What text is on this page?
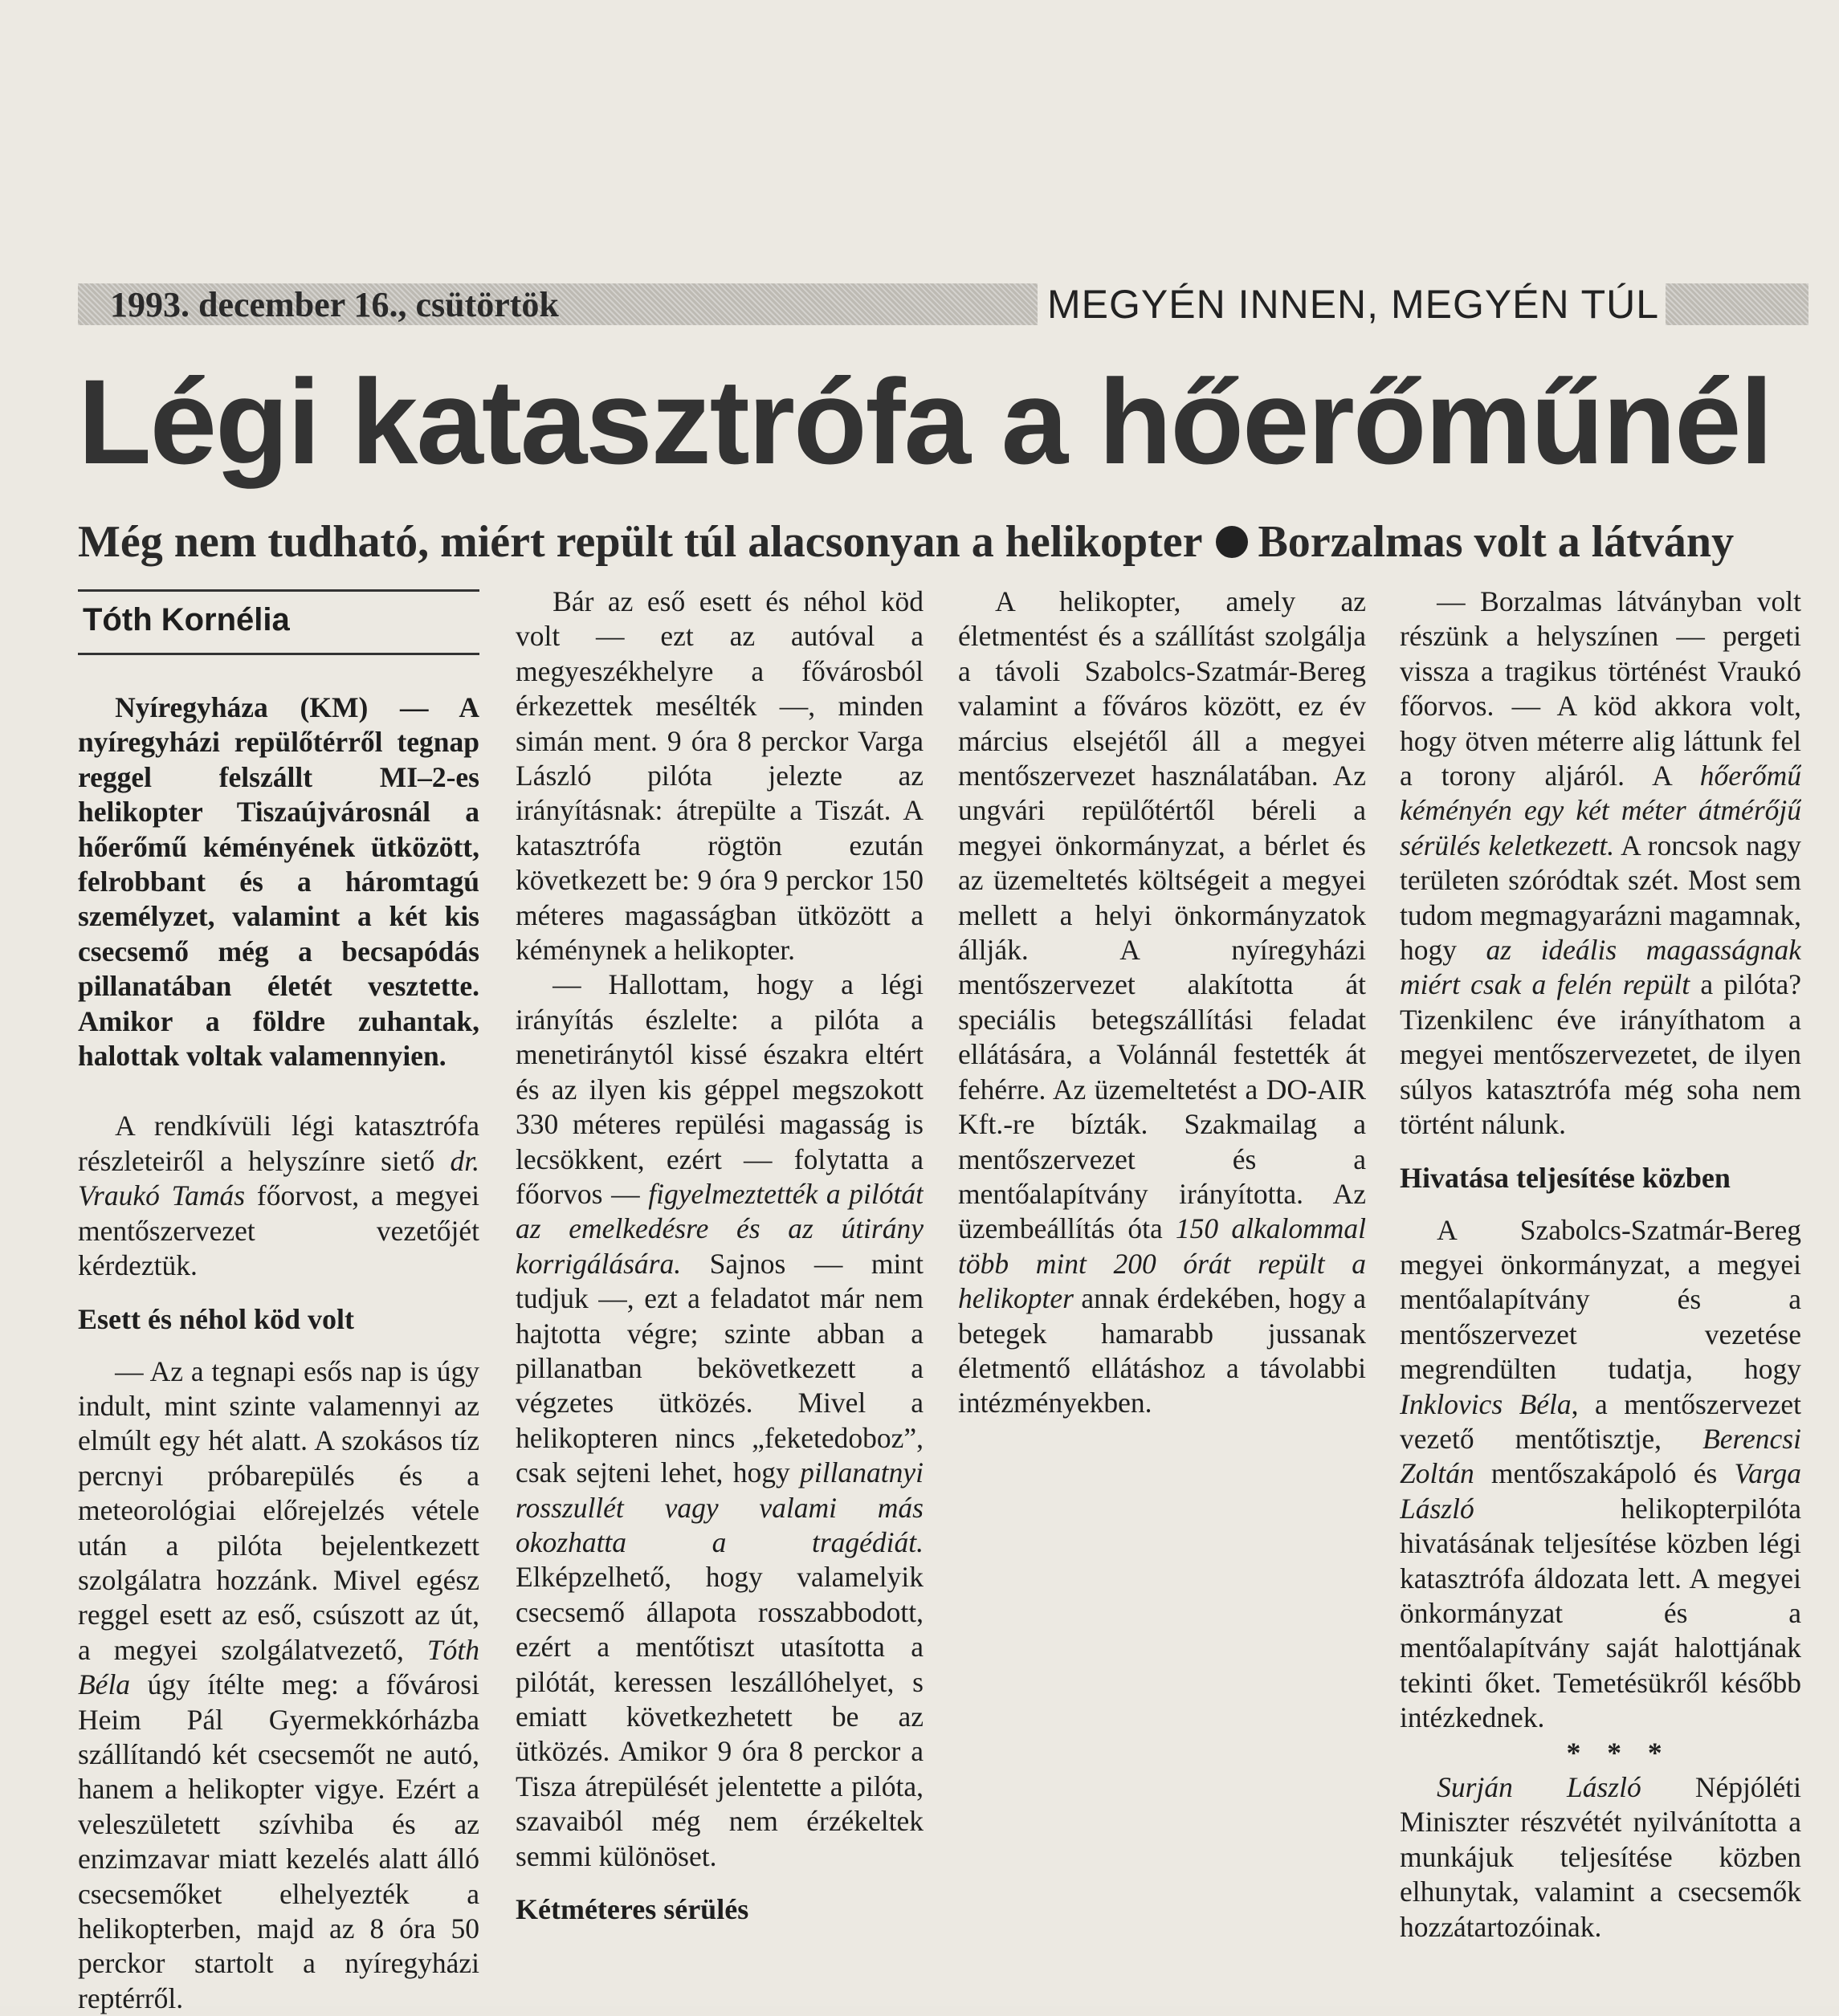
1993. december 16., csütörtök	MEGYÉN INNEN, MEGYÉN TÚL
Légi katasztrófa a hőerőműnél
Még nem tudható, miért repült túl alacsonyan a helikopter Borzalmas volt a látvány
Tóth Kornélia

Nyíregyháza (KM) — A nyíregyházi repülőtérről tegnap reggel felszállt MI–2-es helikopter Tiszaújvárosnál a hőerőmű kéményének ütközött, felrobbant és a háromtagú személyzet, valamint a két kis csecsemő még a becsapódás pillanatában életét vesztette. Amikor a földre zuhantak, halottak voltak valamennyien.

A rendkívüli légi katasztrófa részleteiről a helyszínre siető dr. Vraukó Tamás főorvost, a megyei mentőszervezet vezetőjét kérdeztük.

Esett és néhol köd volt

— Az a tegnapi esős nap is úgy indult, mint szinte valamennyi az elmúlt egy hét alatt. A szokásos tíz percnyi próbarepülés és a meteorológiai előrejelzés vétele után a pilóta bejelentkezett szolgálatra hozzánk. Mivel egész reggel esett az eső, csúszott az út, a megyei szolgálatvezető, Tóth Béla úgy ítélte meg: a fővárosi Heim Pál Gyermekkórházba szállítandó két csecsemőt ne autó, hanem a helikopter vigye. Ezért a veleszületett szívhiba és az enzimzavar miatt kezelés alatt álló csecsemőket elhelyezték a helikopterben, majd az 8 óra 50 perckor startolt a nyíregyházi reptérről.

Bár az eső esett és néhol köd volt — ezt az autóval a megyeszékhelyre a fővárosból érkezettek mesélték —, minden simán ment. 9 óra 8 perckor Varga László pilóta jelezte az irányításnak: átrepülte a Tiszát. A katasztrófa rögtön ezután következett be: 9 óra 9 perckor 150 méteres magasságban ütközött a kéménynek a helikopter.

— Hallottam, hogy a légi irányítás észlelte: a pilóta a menetiránytól kissé északra eltért és az ilyen kis géppel megszokott 330 méteres repülési magasság is lecsökkent, ezért — folytatta a főorvos — figyelmeztették a pilótát az emelkedésre és az útirány korrigálására. Sajnos — mint tudjuk —, ezt a feladatot már nem hajtotta végre; szinte abban a pillanatban bekövetkezett a végzetes ütközés. Mivel a helikopteren nincs „feketedoboz”, csak sejteni lehet, hogy pillanatnyi rosszullét vagy valami más okozhatta a tragédiát. Elképzelhető, hogy valamelyik csecsemő állapota rosszabbodott, ezért a mentőtiszt utasította a pilótát, keressen leszállóhelyet, s emiatt következhetett be az ütközés. Amikor 9 óra 8 perckor a Tisza átrepülését jelentette a pilóta, szavaiból még nem érzékeltek semmi különöset.

Kétméteres sérülés

A helikopter, amely az életmentést és a szállítást szolgálja a távoli Szabolcs-Szatmár-Bereg valamint a főváros között, ez év március elsejétől áll a megyei mentőszervezet használatában. Az ungvári repülőtértől béreli a megyei önkormányzat, a bérlet és az üzemeltetés költségeit a megyei mellett a helyi önkormányzatok állják. A nyíregyházi mentőszervezet alakította át speciális betegszállítási feladat ellátására, a Volánnál festették át fehérre. Az üzemeltetést a DO-AIR Kft.-re bízták. Szakmailag a mentőszervezet és a mentőalapítvány irányította. Az üzembeállítás óta 150 alkalommal több mint 200 órát repült a helikopter annak érdekében, hogy a betegek hamarabb jussanak életmentő ellátáshoz a távolabbi intézményekben.

— Borzalmas látványban volt részünk a helyszínen — pergeti vissza a tragikus történést Vraukó főorvos. — A köd akkora volt, hogy ötven méterre alig láttunk fel a torony aljáról. A hőerőmű kéményén egy két méter átmérőjű sérülés keletkezett. A roncsok nagy területen szóródtak szét. Most sem tudom megmagyarázni magamnak, hogy az ideális magasságnak miért csak a felén repült a pilóta? Tizenkilenc éve irányíthatom a megyei mentőszervezetet, de ilyen súlyos katasztrófa még soha nem történt nálunk.

Hivatása teljesítése közben

A Szabolcs-Szatmár-Bereg megyei önkormányzat, a megyei mentőalapítvány és a mentőszervezet vezetése megrendülten tudatja, hogy Inklovics Béla, a mentőszervezet vezető mentőtisztje, Berencsi Zoltán mentőszakápoló és Varga László helikopterpilóta hivatásának teljesítése közben légi katasztrófa áldozata lett. A megyei önkormányzat és a mentőalapítvány saját halottjának tekinti őket. Temetésükről később intézkednek.

* * *

Surján László Népjóléti Miniszter részvétét nyilvánította a munkájuk teljesítése közben elhunytak, valamint a csecsemők hozzátartozóinak.
